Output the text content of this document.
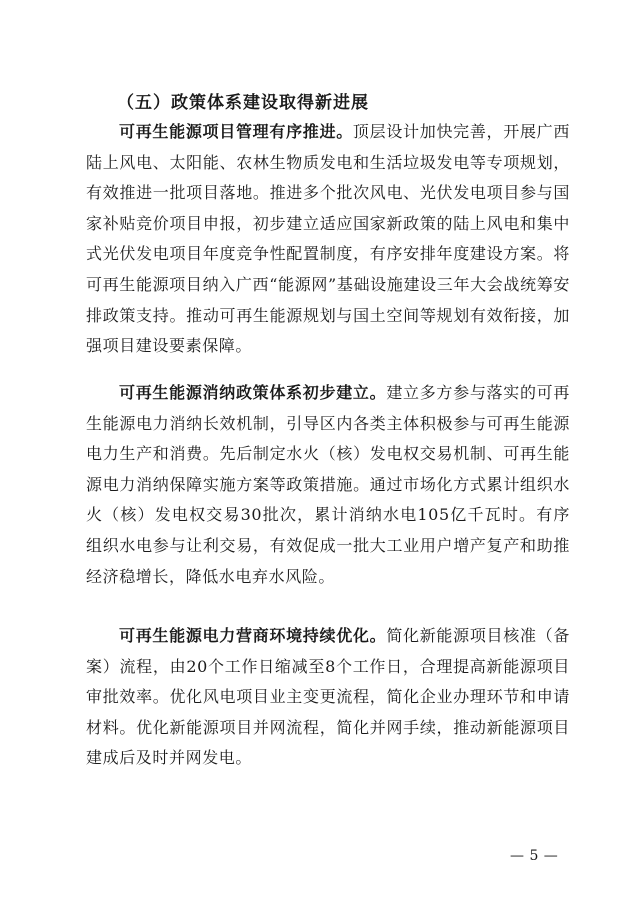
（五）政策体系建设取得新进展

可再生能源项目管理有序推进。顶层设计加快完善，开展广西陆上风电、太阳能、农林生物质发电和生活垃圾发电等专项规划，有效推进一批项目落地。推进多个批次风电、光伏发电项目参与国家补贴竞价项目申报，初步建立适应国家新政策的陆上风电和集中式光伏发电项目年度竞争性配置制度，有序安排年度建设方案。将可再生能源项目纳入广西“能源网”基础设施建设三年大会战统筹安排政策支持。推动可再生能源规划与国土空间等规划有效衔接，加强项目建设要素保障。

可再生能源消纳政策体系初步建立。建立多方参与落实的可再生能源电力消纳长效机制，引导区内各类主体积极参与可再生能源电力生产和消费。先后制定水火（核）发电权交易机制、可再生能源电力消纳保障实施方案等政策措施。通过市场化方式累计组织水火（核）发电权交易30批次，累计消纳水电105亿千瓦时。有序组织水电参与让利交易，有效促成一批大工业用户增产复产和助推经济稳增长，降低水电弃水风险。

可再生能源电力营商环境持续优化。简化新能源项目核准（备案）流程，由20个工作日缩减至8个工作日，合理提高新能源项目审批效率。优化风电项目业主变更流程，简化企业办理环节和申请材料。优化新能源项目并网流程，简化并网手续，推动新能源项目建成后及时并网发电。

— 5 —
